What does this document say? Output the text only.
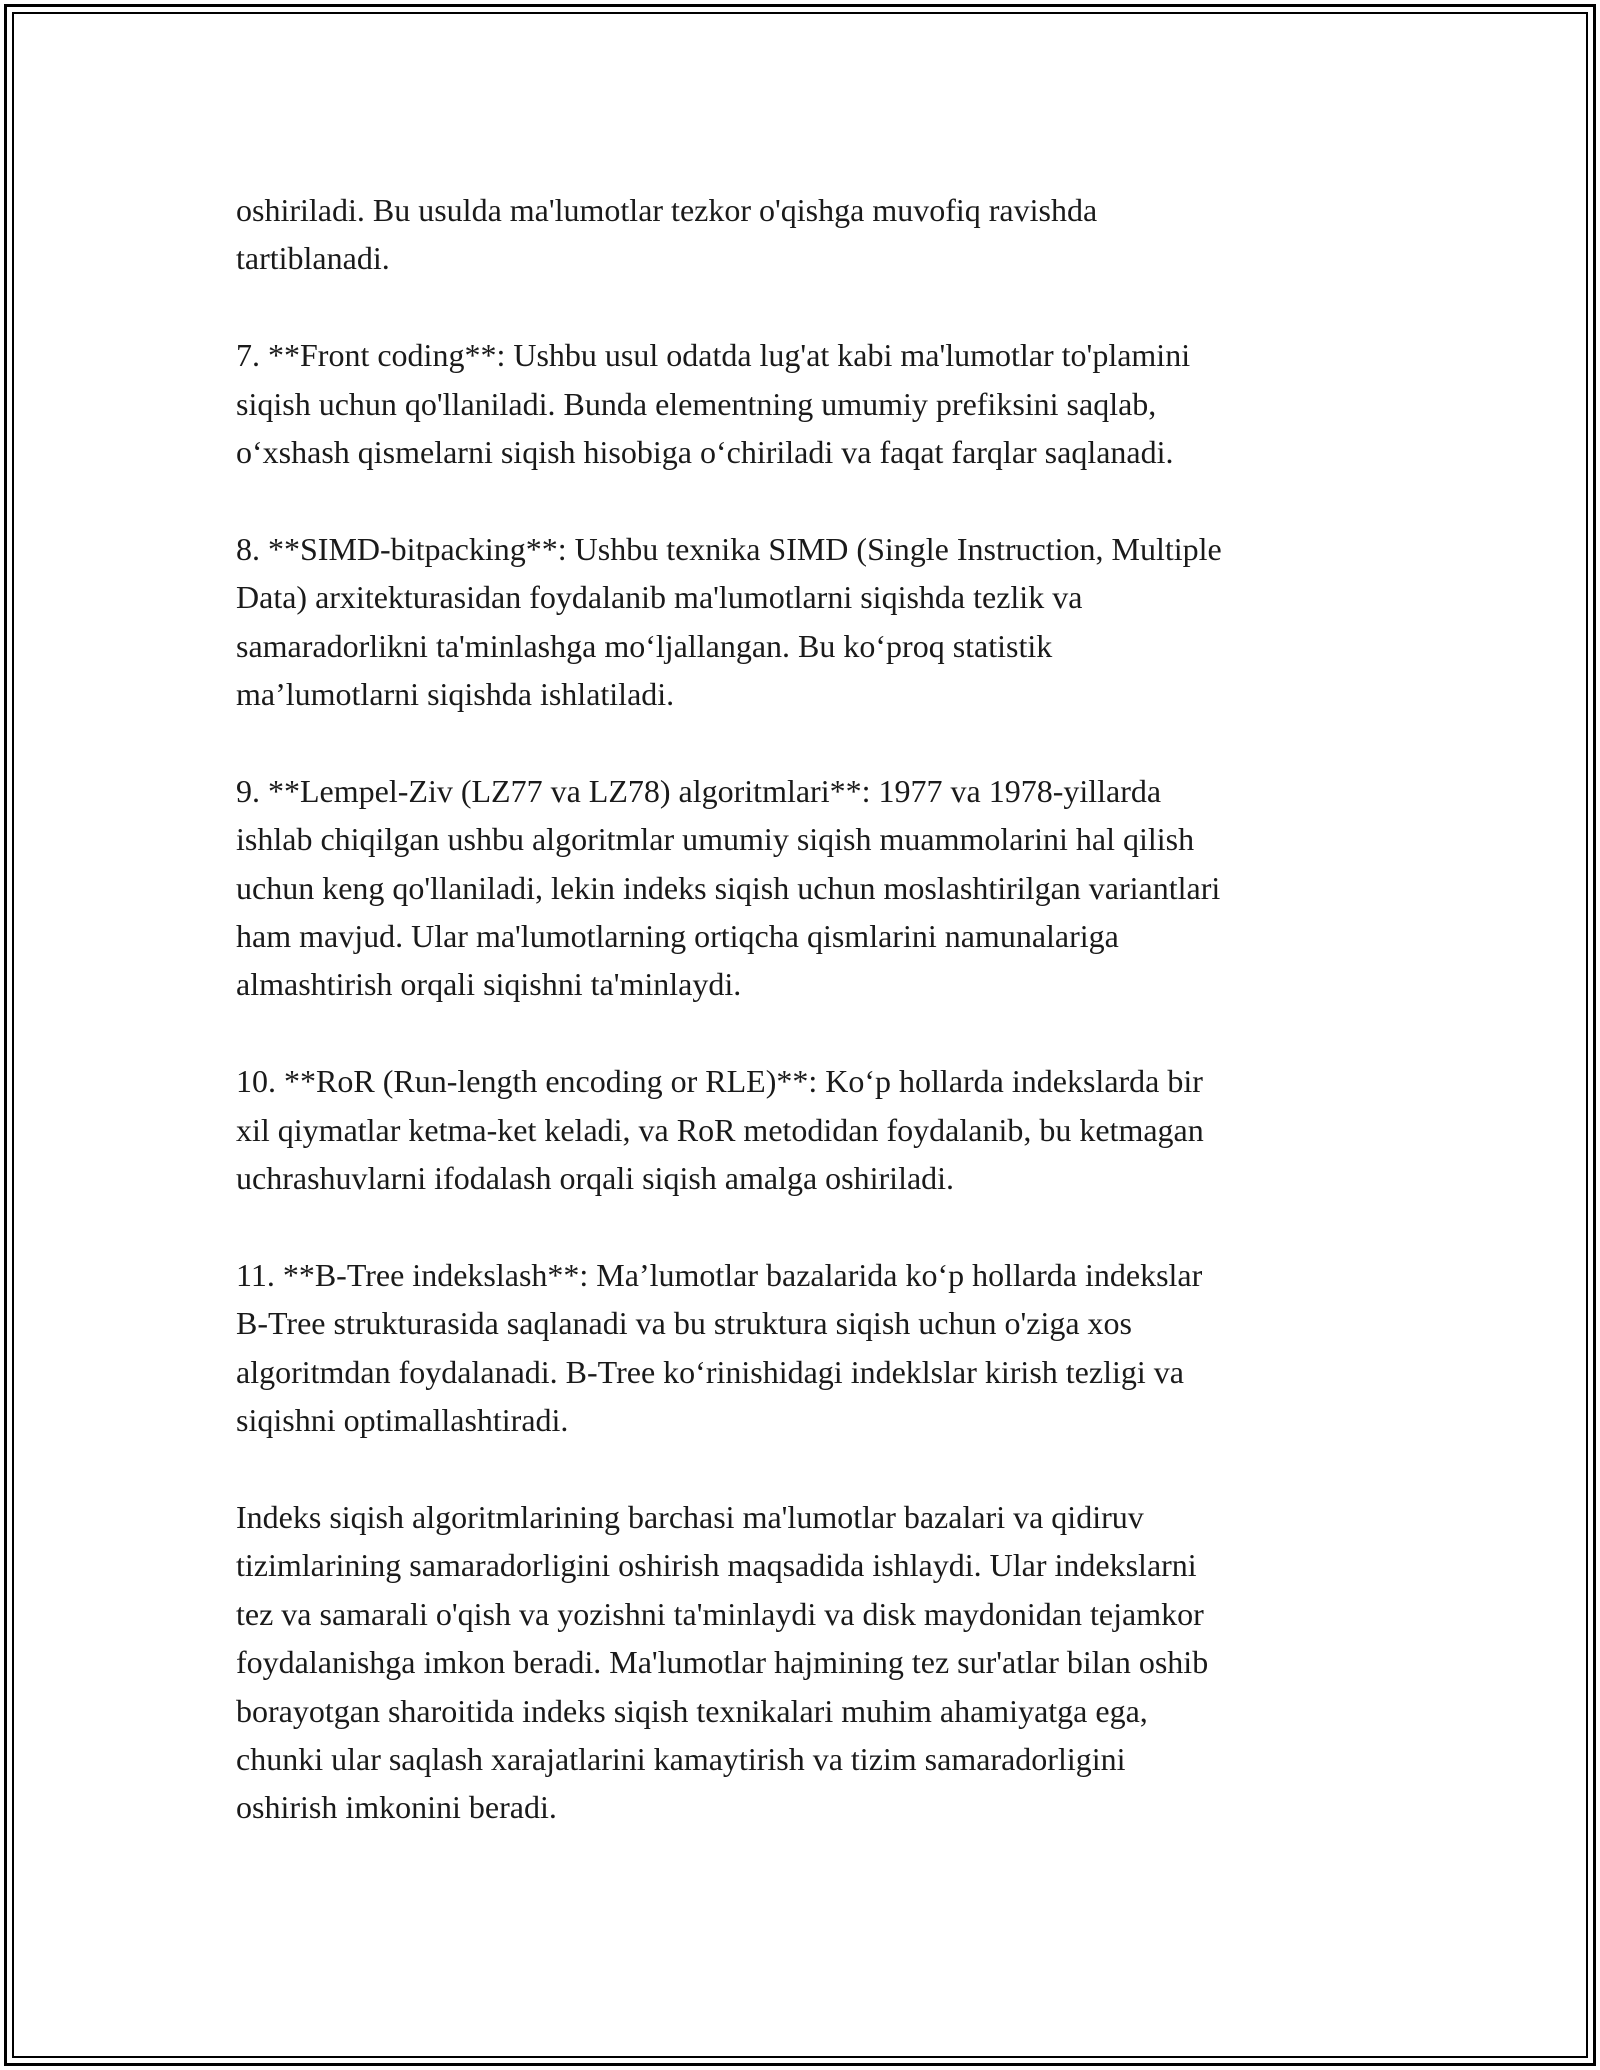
oshiriladi. Bu usulda ma'lumotlar tezkor o'qishga muvofiq ravishda
tartiblanadi.
7. **Front coding**: Ushbu usul odatda lug'at kabi ma'lumotlar to'plamini
siqish uchun qo'llaniladi. Bunda elementning umumiy prefiksini saqlab,
o‘xshash qismelarni siqish hisobiga o‘chiriladi va faqat farqlar saqlanadi.
8. **SIMD-bitpacking**: Ushbu texnika SIMD (Single Instruction, Multiple
Data) arxitekturasidan foydalanib ma'lumotlarni siqishda tezlik va
samaradorlikni ta'minlashga mo‘ljallangan. Bu ko‘proq statistik
ma’lumotlarni siqishda ishlatiladi.
9. **Lempel-Ziv (LZ77 va LZ78) algoritmlari**: 1977 va 1978-yillarda
ishlab chiqilgan ushbu algoritmlar umumiy siqish muammolarini hal qilish
uchun keng qo'llaniladi, lekin indeks siqish uchun moslashtirilgan variantlari
ham mavjud. Ular ma'lumotlarning ortiqcha qismlarini namunalariga
almashtirish orqali siqishni ta'minlaydi.
10. **RoR (Run-length encoding or RLE)**: Ko‘p hollarda indekslarda bir
xil qiymatlar ketma-ket keladi, va RoR metodidan foydalanib, bu ketmagan
uchrashuvlarni ifodalash orqali siqish amalga oshiriladi.
11. **B-Tree indekslash**: Ma’lumotlar bazalarida ko‘p hollarda indekslar
B-Tree strukturasida saqlanadi va bu struktura siqish uchun o'ziga xos
algoritmdan foydalanadi. B-Tree ko‘rinishidagi indeklslar kirish tezligi va
siqishni optimallashtiradi.
Indeks siqish algoritmlarining barchasi ma'lumotlar bazalari va qidiruv
tizimlarining samaradorligini oshirish maqsadida ishlaydi. Ular indekslarni
tez va samarali o'qish va yozishni ta'minlaydi va disk maydonidan tejamkor
foydalanishga imkon beradi. Ma'lumotlar hajmining tez sur'atlar bilan oshib
borayotgan sharoitida indeks siqish texnikalari muhim ahamiyatga ega,
chunki ular saqlash xarajatlarini kamaytirish va tizim samaradorligini
oshirish imkonini beradi.
